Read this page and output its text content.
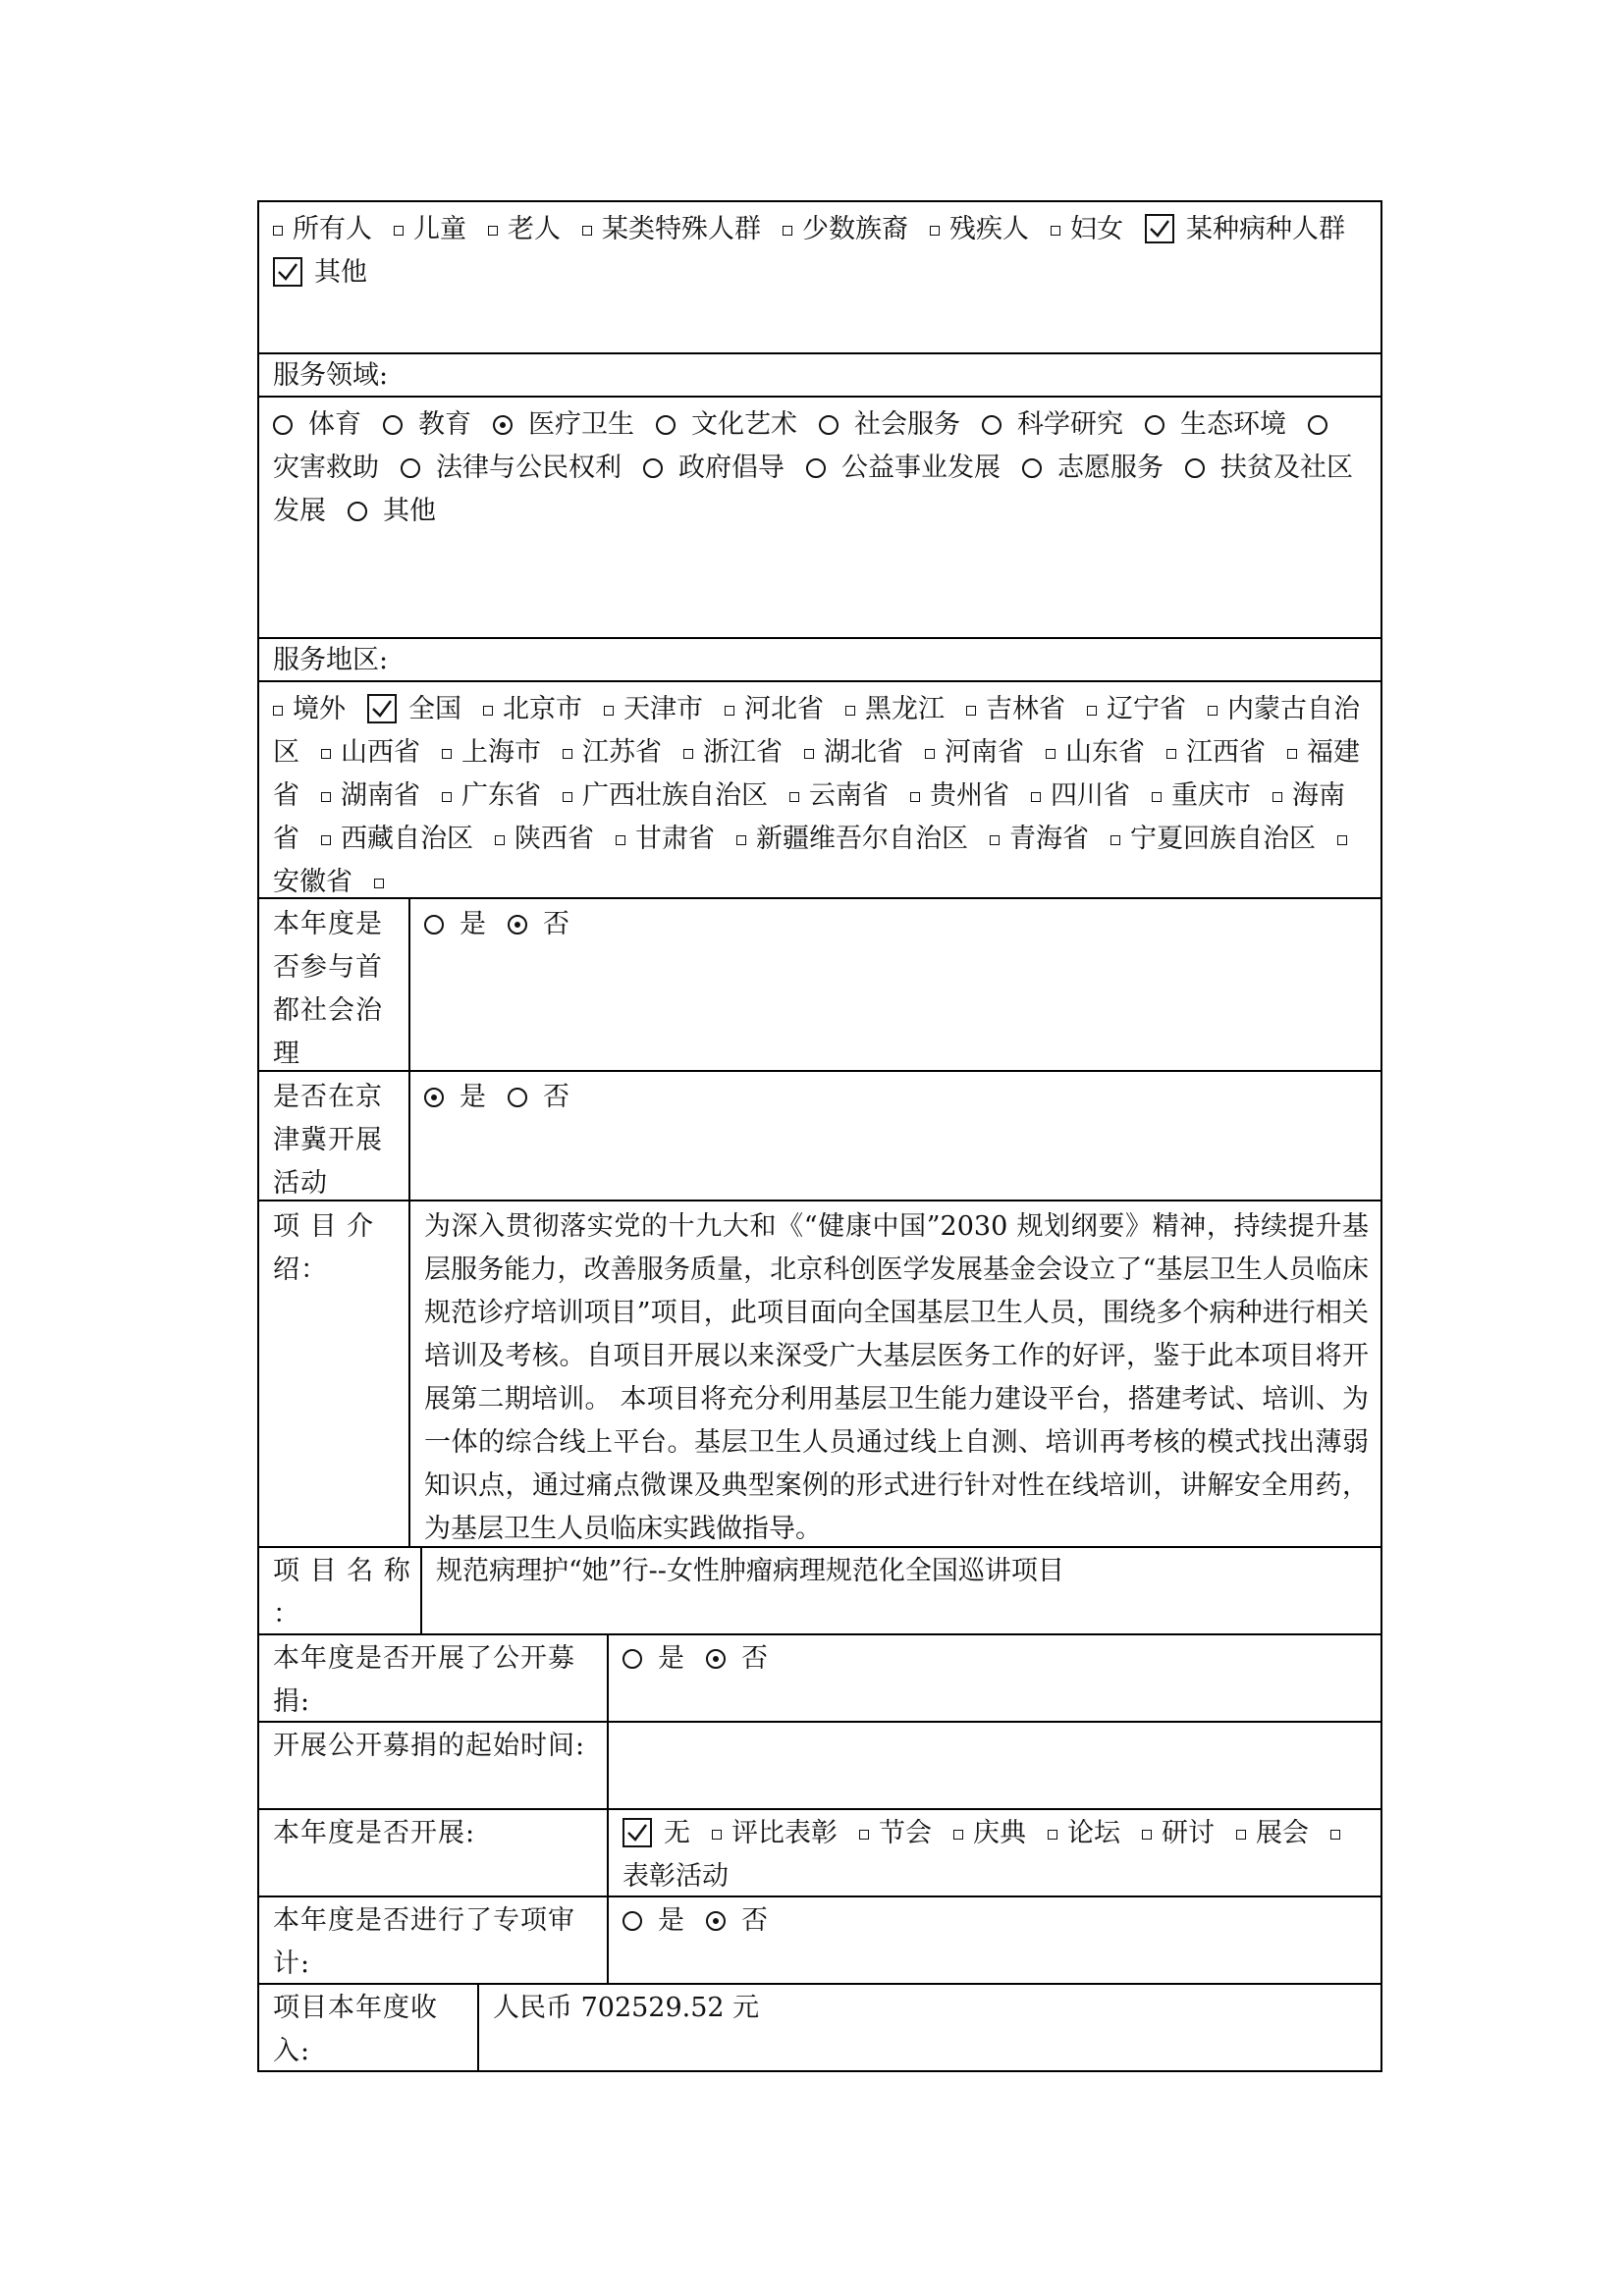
所有人 儿童 老人 某类特殊人群 少数族裔 残疾人 妇女 某种病种人群
其他
服务领域:
体育 教育 医疗卫生 文化艺术 社会服务 科学研究 生态环境灾害救助 法律与公民权利 政府倡导 公益事业发展 志愿服务 扶贫及社区发展 其他
服务地区:
境外 全国 北京市 天津市 河北省 黑龙江 吉林省 辽宁省 内蒙古自治区 山西省 上海市 江苏省 浙江省 湖北省 河南省 山东省 江西省 福建省 湖南省 广东省 广西壮族自治区 云南省 贵州省 四川省 重庆市 海南省 西藏自治区 陕西省 甘肃省 新疆维吾尔自治区 青海省 宁夏回族自治区安徽省
本年度是否参与首都社会治理
是 否
是否在京津冀开展活动
是 否
项 目 介 绍：
为深入贯彻落实党的十九大和《“健康中国”2030 规划纲要》精神，持续提升基层服务能力，改善服务质量，北京科创医学发展基金会设立了“基层卫生人员临床规范诊疗培训项目”项目，此项目面向全国基层卫生人员，围绕多个病种进行相关培训及考核。自项目开展以来深受广大基层医务工作的好评，鉴于此本项目将开展第二期培训。 本项目将充分利用基层卫生能力建设平台，搭建考试、培训、为一体的综合线上平台。基层卫生人员通过线上自测、培训再考核的模式找出薄弱知识点，通过痛点微课及典型案例的形式进行针对性在线培训，讲解安全用药，为基层卫生人员临床实践做指导。
项 目 名 称 ：
规范病理护“她”行--女性肿瘤病理规范化全国巡讲项目
本年度是否开展了公开募捐:
是 否
开展公开募捐的起始时间:
本年度是否开展:	无 评比表彰 节会 庆典 论坛 研讨 展会表彰活动
本年度是否进行了专项审计:
是 否
项目本年度收入:
人民币 702529.52 元
